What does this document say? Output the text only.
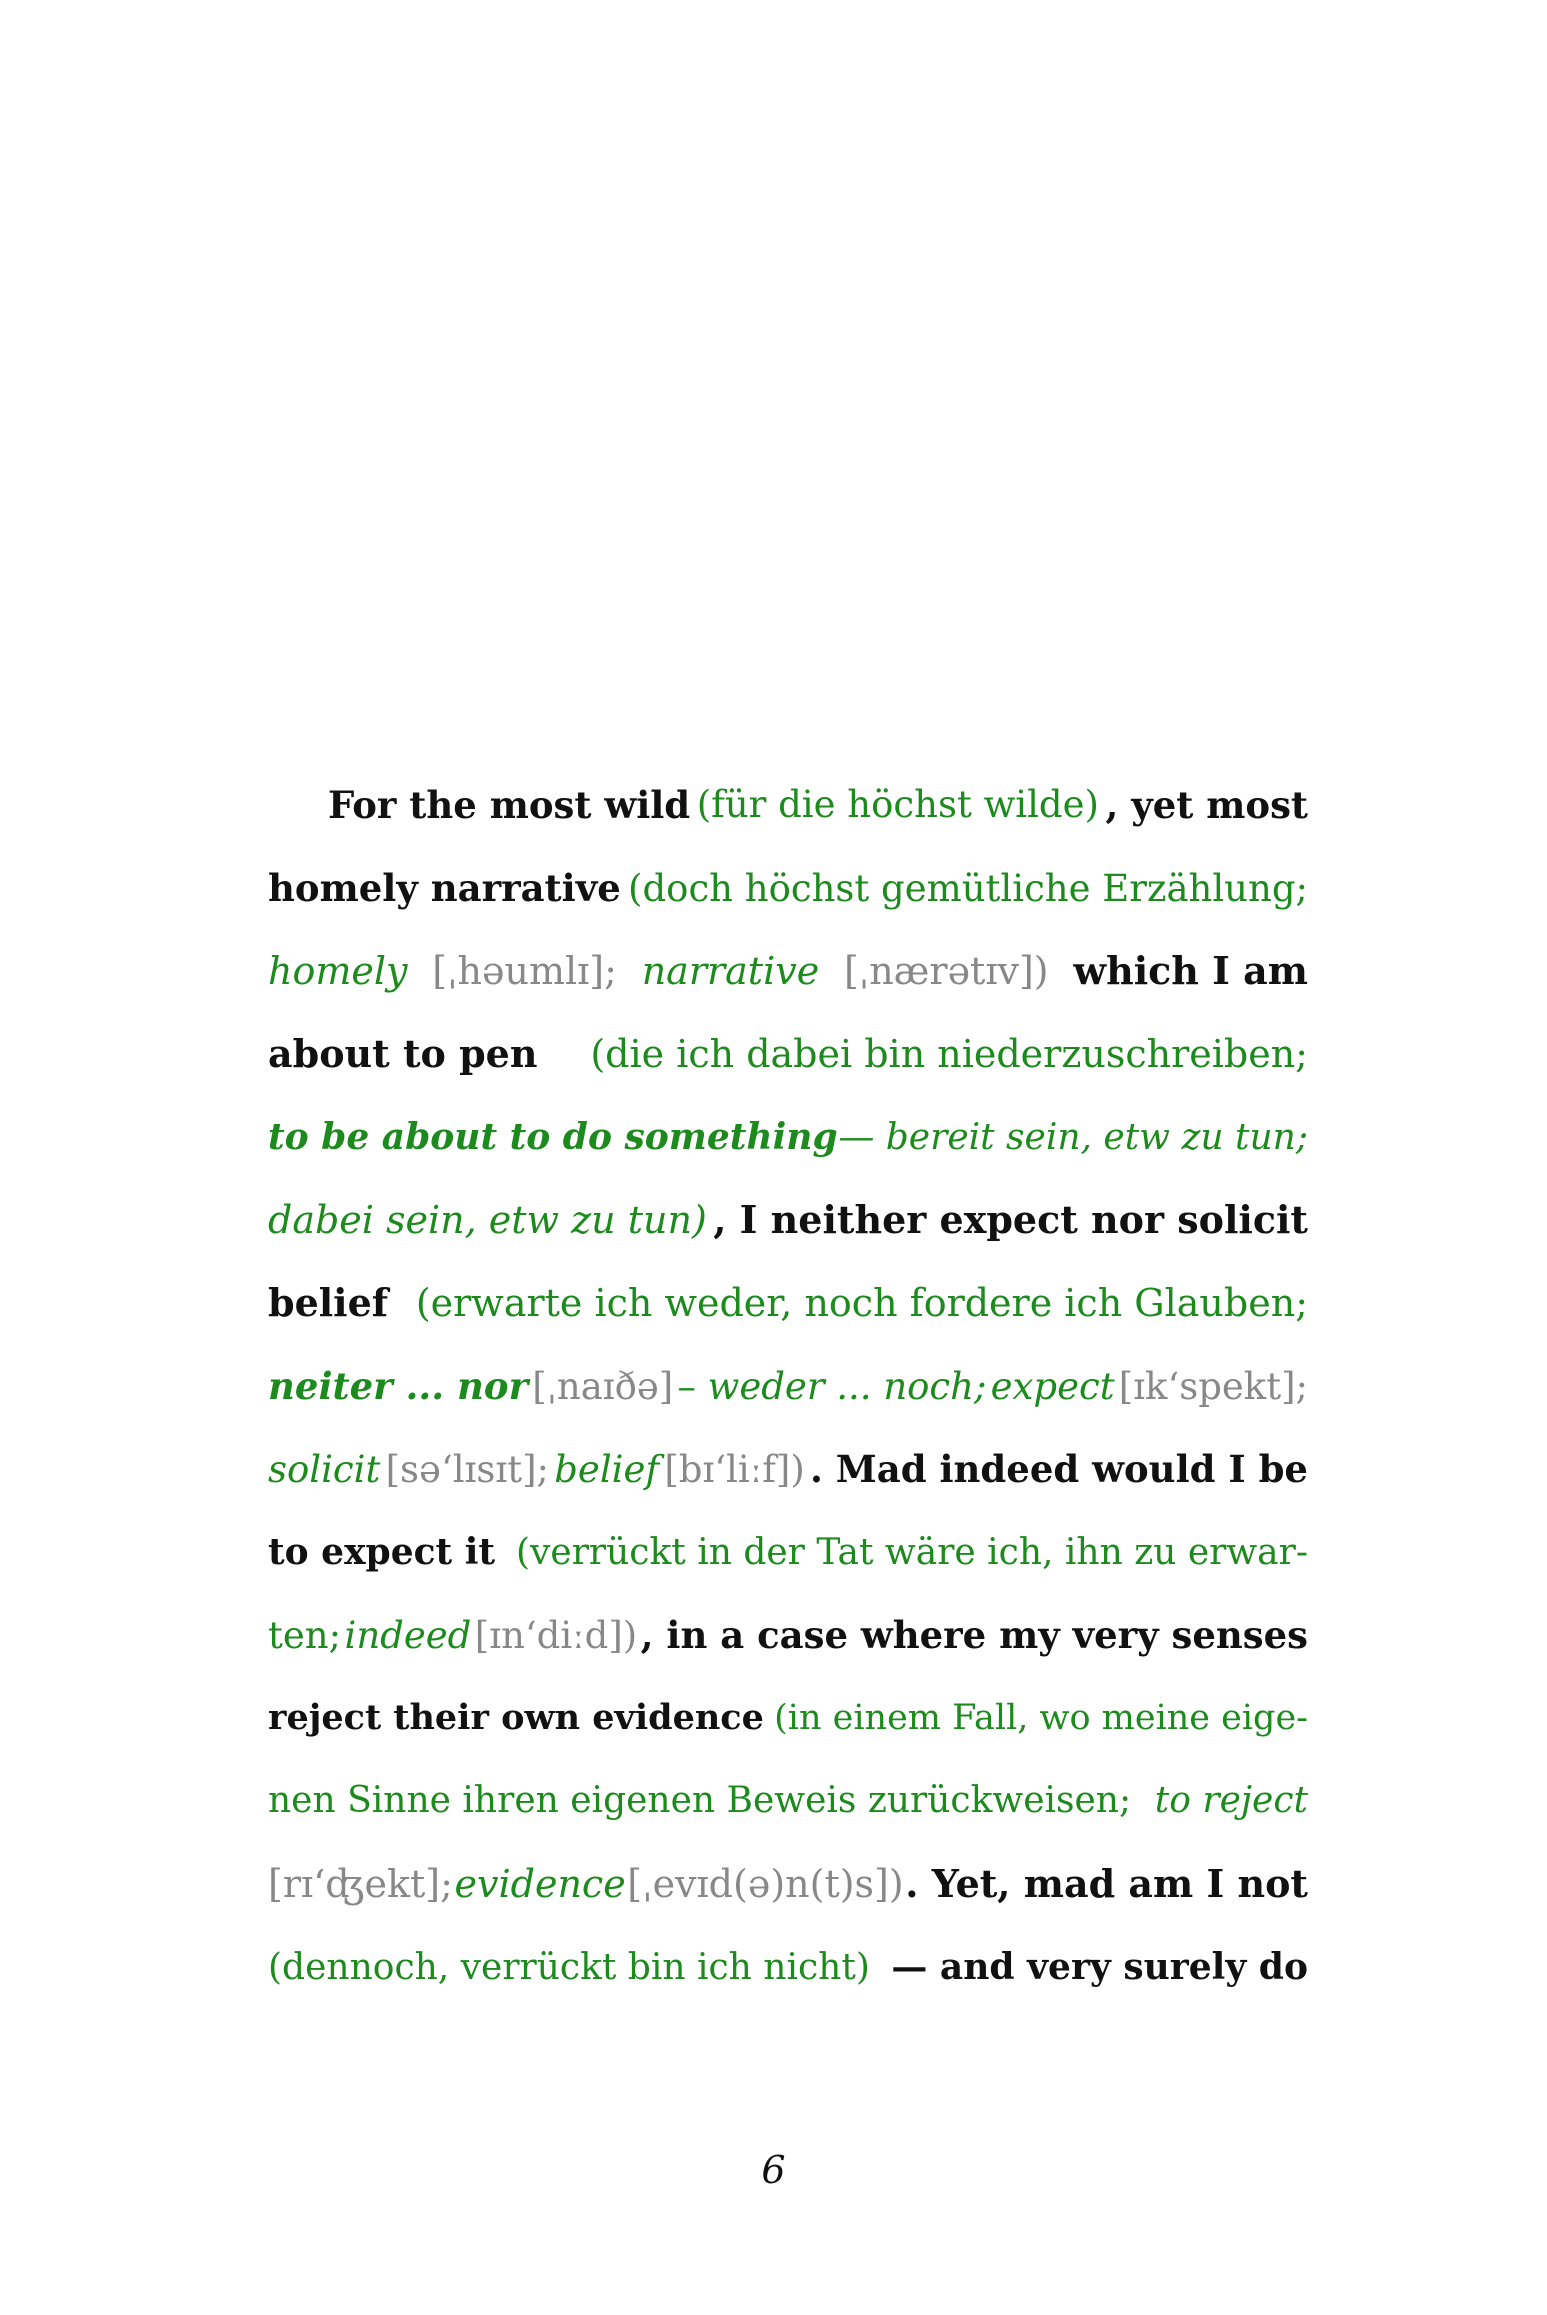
For the most wild (für die höchst wilde) , yet most
homely narrative (doch höchst gemütliche Erzählung;
homely [ˌhəumlɪ]; narrative [ˌnærətɪv]) which I am
about to pen (die ich dabei bin niederzuschreiben;
to be about to do something — bereit sein, etw zu tun;
dabei sein, etw zu tun) , I neither expect nor solicit
belief (erwarte ich weder, noch fordere ich Glauben;
neiter ... nor [ˌnaɪðə] – weder ... noch; expect [ɪk‘spekt];
solicit [sə‘lɪsɪt]; belief [bɪ‘liːf]) . Mad indeed would I be
to expect it (verrückt in der Tat wäre ich, ihn zu erwar-
ten; indeed [ɪn‘diːd]) , in a case where my very senses
reject their own evidence (in einem Fall, wo meine eige-
nen Sinne ihren eigenen Beweis zurückweisen; to reject
[rɪ‘ʤekt]; evidence [ˌevɪd(ə)n(t)s]) . Yet, mad am I not
(dennoch, verrückt bin ich nicht) — and very surely do
6
